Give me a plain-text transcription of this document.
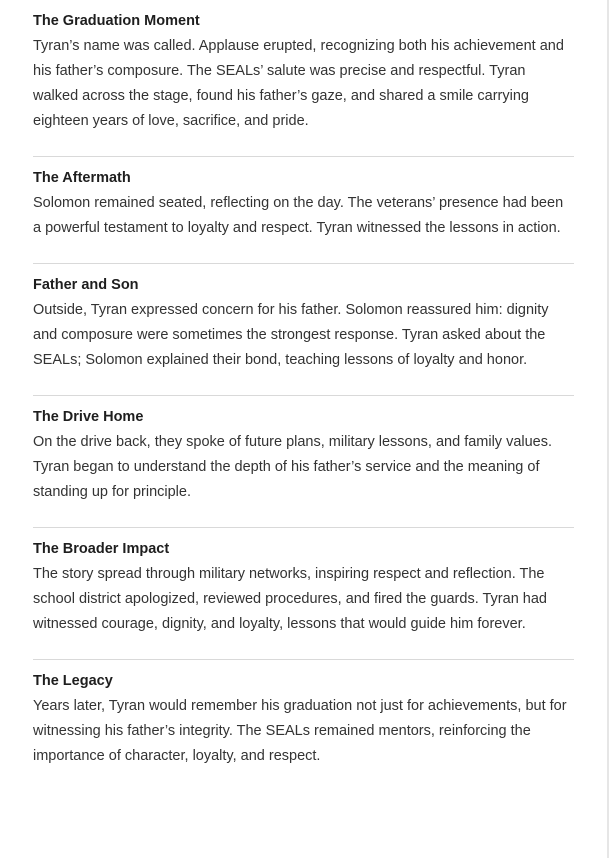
The Graduation Moment

Tyran’s name was called. Applause erupted, recognizing both his achievement and his father’s composure. The SEALs’ salute was precise and respectful. Tyran walked across the stage, found his father’s gaze, and shared a smile carrying eighteen years of love, sacrifice, and pride.

The Aftermath

Solomon remained seated, reflecting on the day. The veterans’ presence had been a powerful testament to loyalty and respect. Tyran witnessed the lessons in action.

Father and Son

Outside, Tyran expressed concern for his father. Solomon reassured him: dignity and composure were sometimes the strongest response. Tyran asked about the SEALs; Solomon explained their bond, teaching lessons of loyalty and honor.

The Drive Home

On the drive back, they spoke of future plans, military lessons, and family values. Tyran began to understand the depth of his father’s service and the meaning of standing up for principle.

The Broader Impact

The story spread through military networks, inspiring respect and reflection. The school district apologized, reviewed procedures, and fired the guards. Tyran had witnessed courage, dignity, and loyalty, lessons that would guide him forever.

The Legacy

Years later, Tyran would remember his graduation not just for achievements, but for witnessing his father’s integrity. The SEALs remained mentors, reinforcing the importance of character, loyalty, and respect.
